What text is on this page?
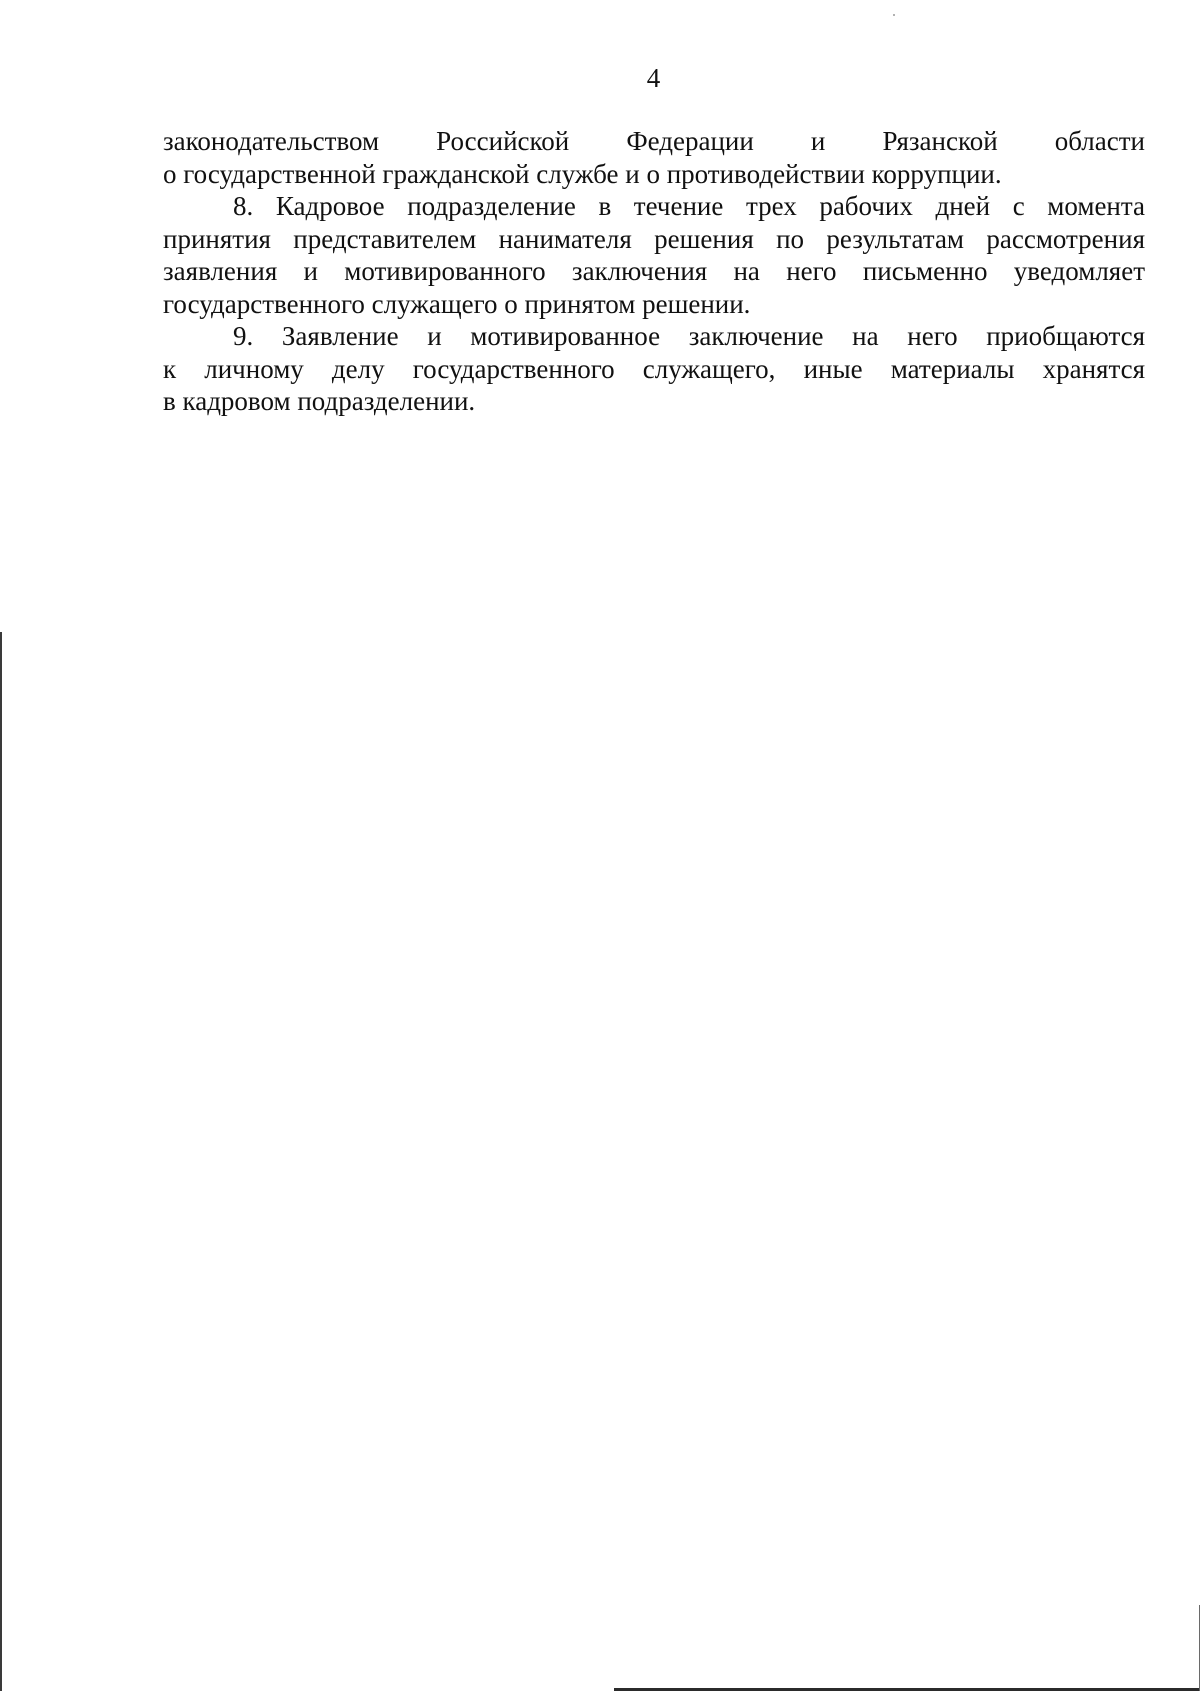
4

законодательством Российской Федерации и Рязанской области
о государственной гражданской службе и о противодействии коррупции.

8. Кадровое подразделение в течение трех рабочих дней с момента
принятия представителем нанимателя решения по результатам рассмотрения
заявления и мотивированного заключения на него письменно уведомляет
государственного служащего о принятом решении.

9. Заявление и мотивированное заключение на него приобщаются
к личному делу государственного служащего, иные материалы хранятся
в кадровом подразделении.
